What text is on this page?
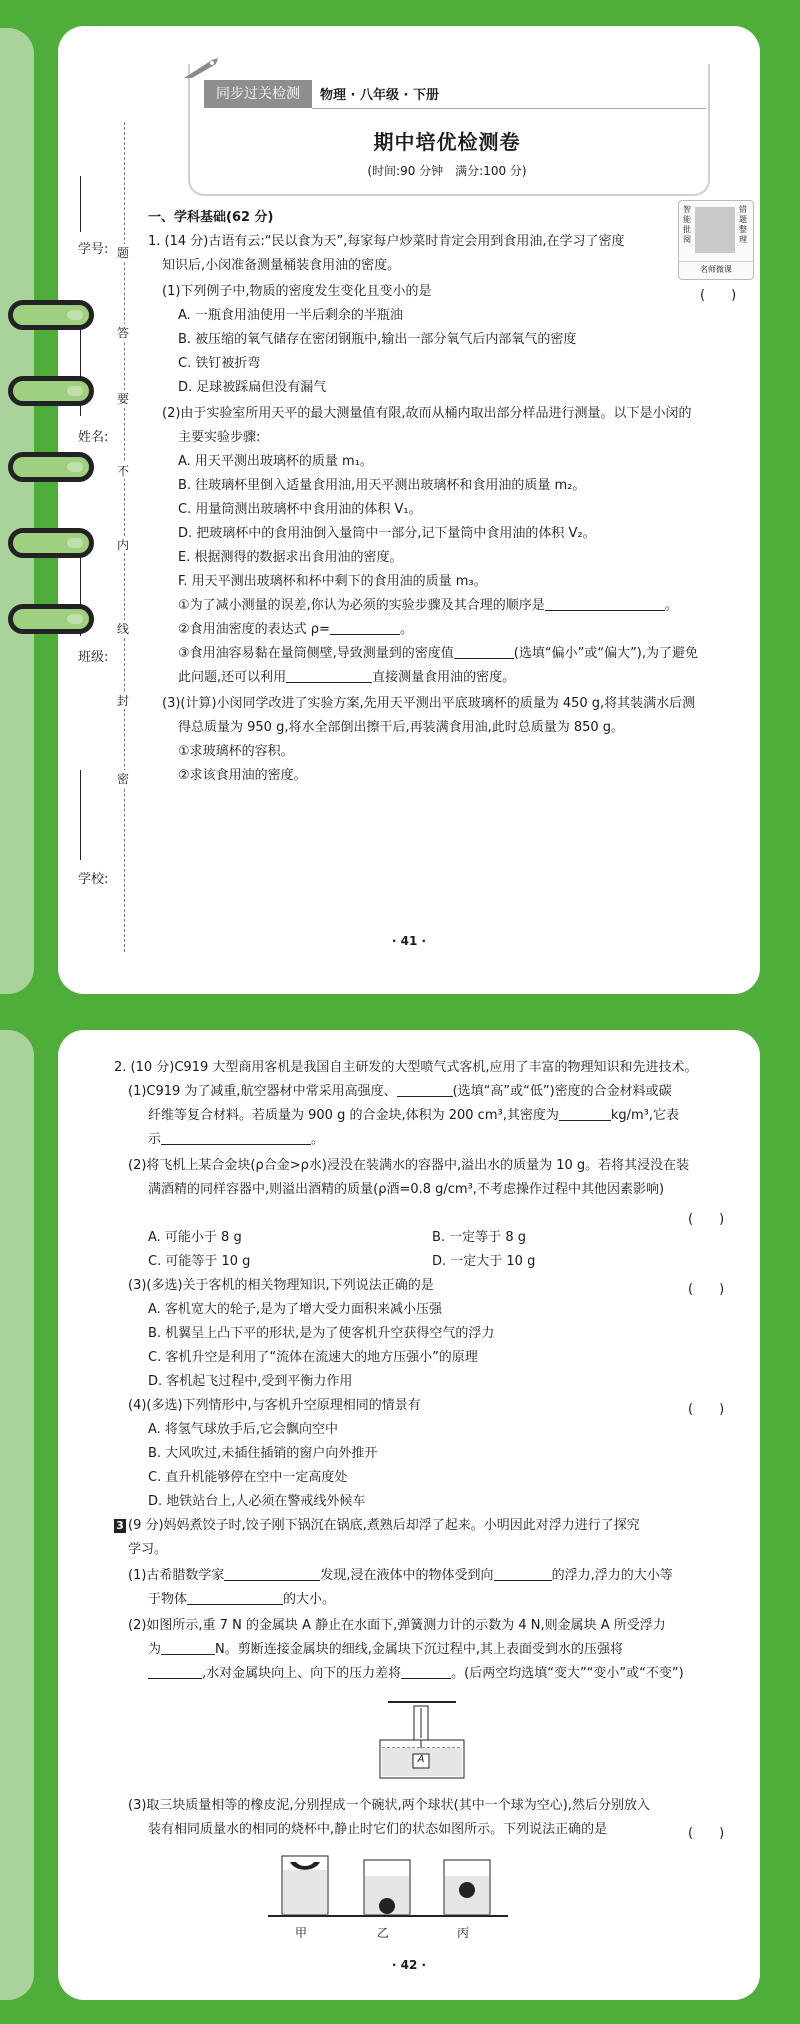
同步过关检测	物理 · 八年级 · 下册
期中培优检测卷
(时间:90 分钟　满分:100 分)
智能批阅
错题整理
名师微课
题
答
要
不
内
线
封
密
学号:
姓名:
班级:
学校:
一、学科基础(62 分)
1. (14 分)古语有云:“民以食为天”,每家每户炒菜时肯定会用到食用油,在学习了密度
知识后,小闵准备测量桶装食用油的密度。
(1)下列例子中,物质的密度发生变化且变小的是	(　　)
A. 一瓶食用油使用一半后剩余的半瓶油
B. 被压缩的氧气储存在密闭钢瓶中,输出一部分氧气后内部氧气的密度
C. 铁钉被折弯
D. 足球被踩扁但没有漏气
(2)由于实验室所用天平的最大测量值有限,故而从桶内取出部分样品进行测量。以下是小闵的
主要实验步骤:
A. 用天平测出玻璃杯的质量 m₁。
B. 往玻璃杯里倒入适量食用油,用天平测出玻璃杯和食用油的质量 m₂。
C. 用量筒测出玻璃杯中食用油的体积 V₁。
D. 把玻璃杯中的食用油倒入量筒中一部分,记下量筒中食用油的体积 V₂。
E. 根据测得的数据求出食用油的密度。
F. 用天平测出玻璃杯和杯中剩下的食用油的质量 m₃。
①为了减小测量的误差,你认为必须的实验步骤及其合理的顺序是	。
②食用油密度的表达式 ρ=	。
③食用油容易黏在量筒侧壁,导致测量到的密度值	(选填“偏小”或“偏大”),为了避免
此问题,还可以利用	直接测量食用油的密度。
(3)(计算)小闵同学改进了实验方案,先用天平测出平底玻璃杯的质量为 450 g,将其装满水后测
得总质量为 950 g,将水全部倒出擦干后,再装满食用油,此时总质量为 850 g。
①求玻璃杯的容积。
②求该食用油的密度。
· 41 ·
2. (10 分)C919 大型商用客机是我国自主研发的大型喷气式客机,应用了丰富的物理知识和先进技术。
(1)C919 为了减重,航空器材中常采用高强度、	(选填“高”或“低”)密度的合金材料或碳
纤维等复合材料。若质量为 900 g 的合金块,体积为 200 cm³,其密度为	kg/m³,它表
示	。
(2)将飞机上某合金块(ρ合金>ρ水)浸没在装满水的容器中,溢出水的质量为 10 g。若将其浸没在装
满酒精的同样容器中,则溢出酒精的质量(ρ酒=0.8 g/cm³,不考虑操作过程中其他因素影响)
(　　)
A. 可能小于 8 g	B. 一定等于 8 g
C. 可能等于 10 g	D. 一定大于 10 g
(3)(多选)关于客机的相关物理知识,下列说法正确的是	(　　)
A. 客机宽大的轮子,是为了增大受力面积来减小压强
B. 机翼呈上凸下平的形状,是为了使客机升空获得空气的浮力
C. 客机升空是利用了“流体在流速大的地方压强小”的原理
D. 客机起飞过程中,受到平衡力作用
(4)(多选)下列情形中,与客机升空原理相同的情景有	(　　)
A. 将氢气球放手后,它会飘向空中
B. 大风吹过,未插住插销的窗户向外推开
C. 直升机能够停在空中一定高度处
D. 地铁站台上,人必须在警戒线外候车
3 (9 分)妈妈煮饺子时,饺子刚下锅沉在锅底,煮熟后却浮了起来。小明因此对浮力进行了探究
学习。
(1)古希腊数学家	发现,浸在液体中的物体受到向	的浮力,浮力的大小等
于物体	的大小。
(2)如图所示,重 7 N 的金属块 A 静止在水面下,弹簧测力计的示数为 4 N,则金属块 A 所受浮力
为	N。剪断连接金属块的细线,金属块下沉过程中,其上表面受到水的压强将
,水对金属块向上、向下的压力差将	。(后两空均选填“变大”“变小”或“不变”)
A
(3)取三块质量相等的橡皮泥,分别捏成一个碗状,两个球状(其中一个球为空心),然后分别放入
装有相同质量水的相同的烧杯中,静止时它们的状态如图所示。下列说法正确的是	(　　)
甲	乙	丙
· 42 ·
